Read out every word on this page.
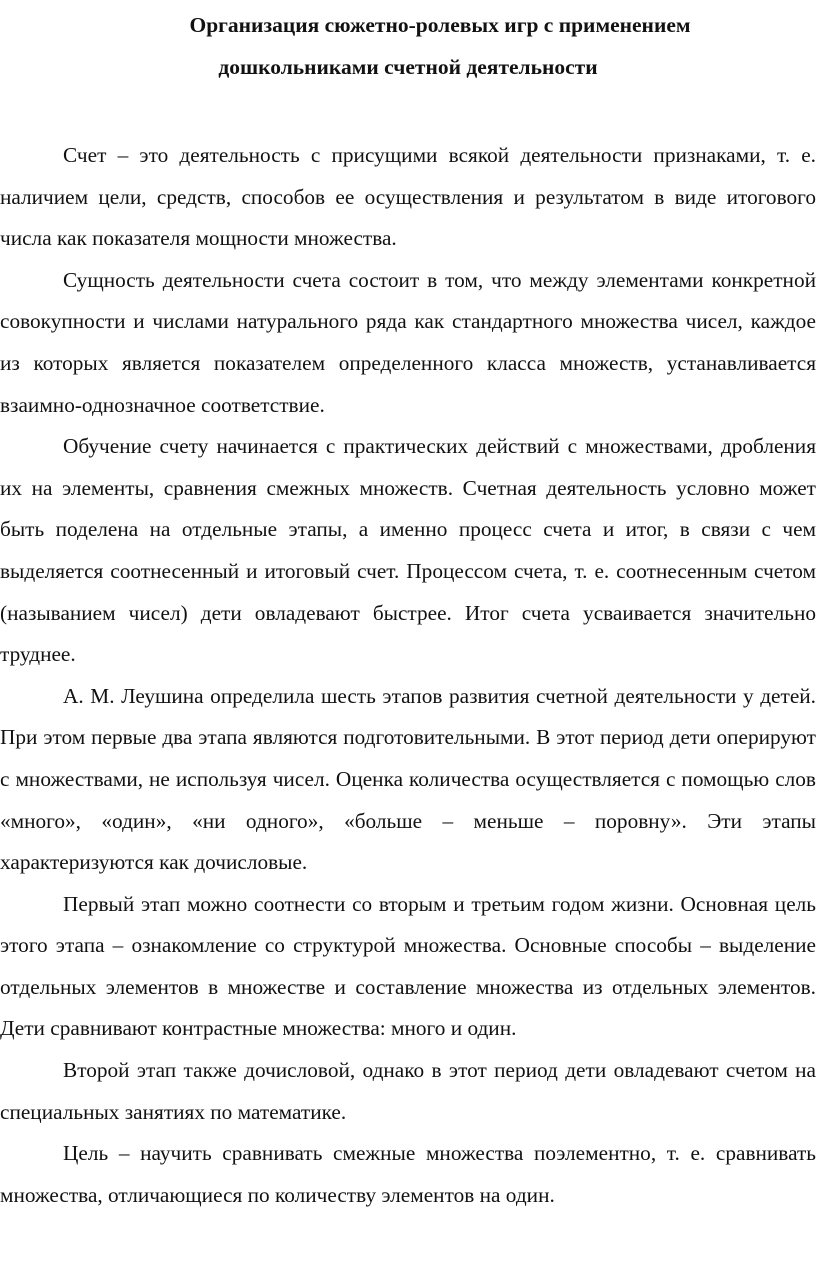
Организация сюжетно-ролевых игр с применением
дошкольниками счетной деятельности

Счет – это деятельность с присущими всякой деятельности признаками, т. е. наличием цели, средств, способов ее осуществления и результатом в виде итогового числа как показателя мощности множества.

Сущность деятельности счета состоит в том, что между элементами конкретной совокупности и числами натурального ряда как стандартного множества чисел, каждое из которых является показателем определенного класса множеств, устанавливается взаимно-однозначное соответствие.

Обучение счету начинается с практических действий с множествами, дробления их на элементы, сравнения смежных множеств. Счетная деятельность условно может быть поделена на отдельные этапы, а именно процесс счета и итог, в связи с чем выделяется соотнесенный и итоговый счет. Процессом счета, т. е. соотнесенным счетом (называнием чисел) дети овладевают быстрее. Итог счета усваивается значительно труднее.

А. М. Леушина определила шесть этапов развития счетной деятельности у детей. При этом первые два этапа являются подготовительными. В этот период дети оперируют с множествами, не используя чисел. Оценка количества осуществляется с помощью слов «много», «один», «ни одного», «больше – меньше – поровну». Эти этапы характеризуются как дочисловые.

Первый этап можно соотнести со вторым и третьим годом жизни. Основная цель этого этапа – ознакомление со структурой множества. Основные способы – выделение отдельных элементов в множестве и составление множества из отдельных элементов. Дети сравнивают контрастные множества: много и один.

Второй этап также дочисловой, однако в этот период дети овладевают счетом на специальных занятиях по математике.

Цель – научить сравнивать смежные множества поэлементно, т. е. сравнивать множества, отличающиеся по количеству элементов на один.
